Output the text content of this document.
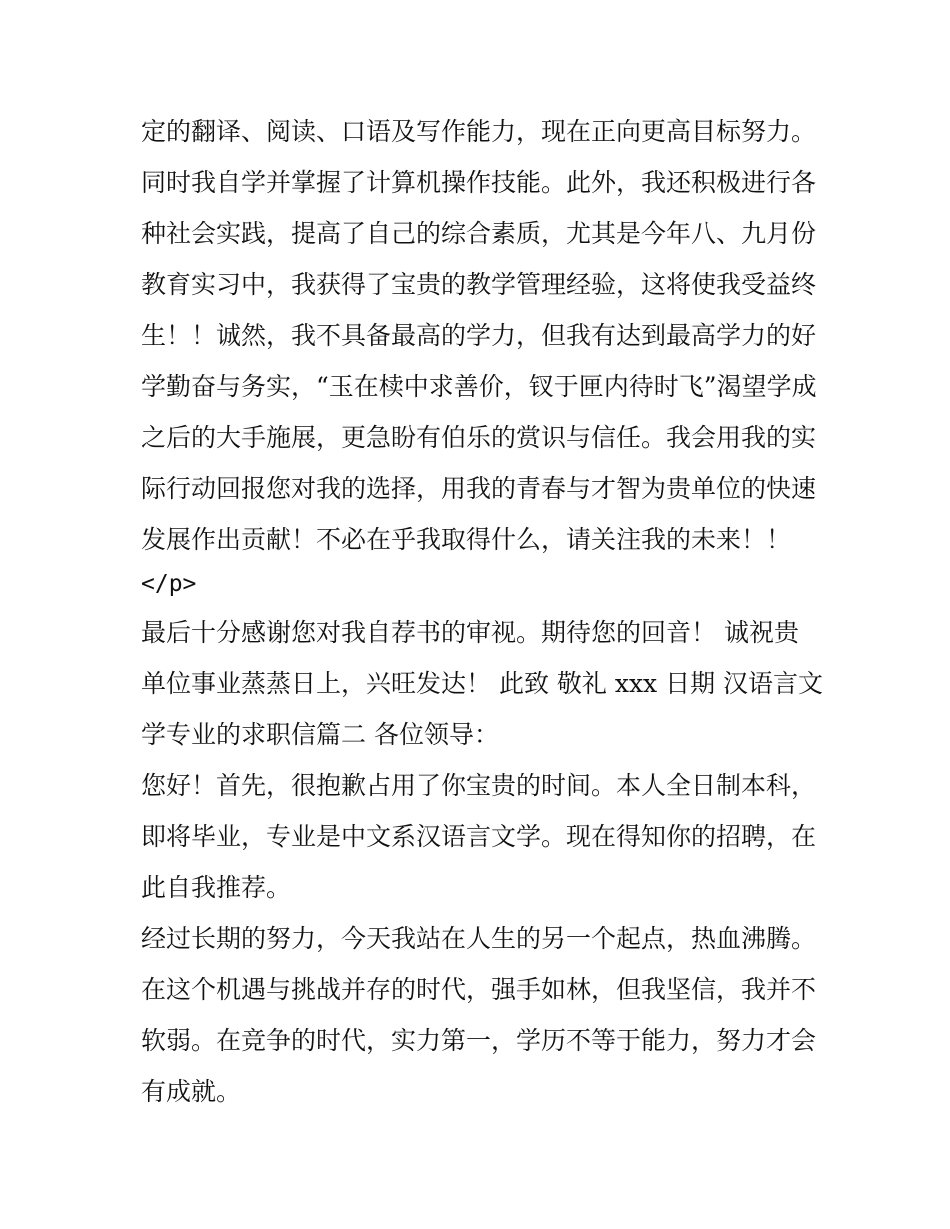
定的翻译、阅读、口语及写作能力，现在正向更高目标努力。
同时我自学并掌握了计算机操作技能。此外，我还积极进行各
种社会实践，提高了自己的综合素质，尤其是今年八、九月份
教育实习中，我获得了宝贵的教学管理经验，这将使我受益终
生！！诚然，我不具备最高的学力，但我有达到最高学力的好
学勤奋与务实，“玉在椟中求善价，钗于匣内待时飞”渴望学成
之后的大手施展，更急盼有伯乐的赏识与信任。我会用我的实
际行动回报您对我的选择，用我的青春与才智为贵单位的快速
发展作出贡献！不必在乎我取得什么，请关注我的未来！！
</p>
最后十分感谢您对我自荐书的审视。期待您的回音！ 诚祝贵
单位事业蒸蒸日上，兴旺发达！ 此致 敬礼 xxx 日期 汉语言文
学专业的求职信篇二 各位领导：
您好！首先，很抱歉占用了你宝贵的时间。本人全日制本科，
即将毕业，专业是中文系汉语言文学。现在得知你的招聘，在
此自我推荐。
经过长期的努力，今天我站在人生的另一个起点，热血沸腾。
在这个机遇与挑战并存的时代，强手如林，但我坚信，我并不
软弱。在竞争的时代，实力第一，学历不等于能力，努力才会
有成就。
